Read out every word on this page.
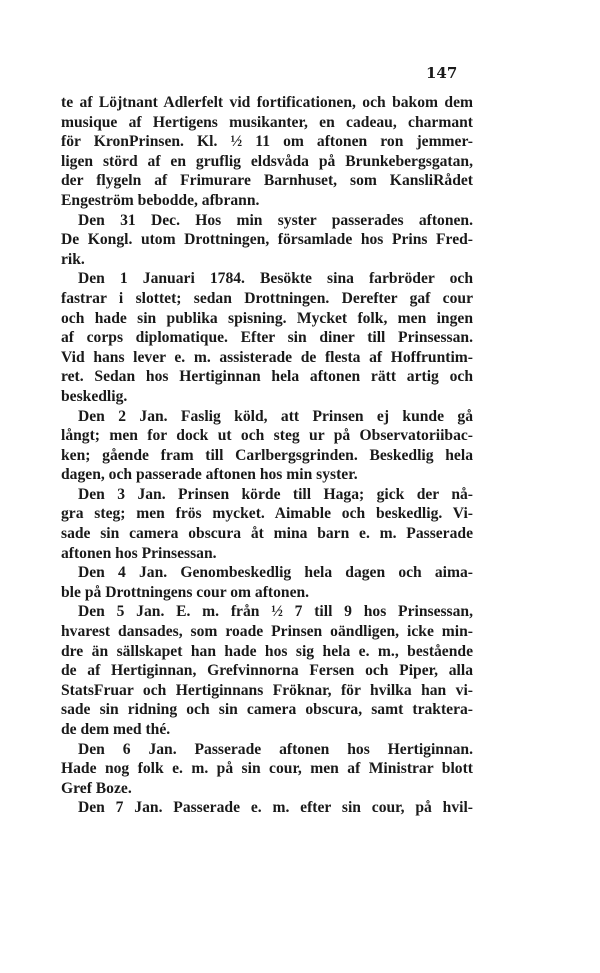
147
te af Löjtnant Adlerfelt vid fortificationen, och bakom dem
musique af Hertigens musikanter, en cadeau, charmant
för KronPrinsen. Kl. ½ 11 om aftonen ron jemmer-
ligen störd af en gruflig eldsvåda på Brunkebergsgatan,
der flygeln af Frimurare Barnhuset, som KansliRådet
Engeström bebodde, afbrann.
Den 31 Dec. Hos min syster passerades aftonen.
De Kongl. utom Drottningen, församlade hos Prins Fred-
rik.
Den 1 Januari 1784. Besökte sina farbröder och
fastrar i slottet; sedan Drottningen. Derefter gaf cour
och hade sin publika spisning. Mycket folk, men ingen
af corps diplomatique. Efter sin diner till Prinsessan.
Vid hans lever e. m. assisterade de flesta af Hoffruntim-
ret. Sedan hos Hertiginnan hela aftonen rätt artig och
beskedlig.
Den 2 Jan. Faslig köld, att Prinsen ej kunde gå
långt; men for dock ut och steg ur på Observatoriibac-
ken; gående fram till Carlbergsgrinden. Beskedlig hela
dagen, och passerade aftonen hos min syster.
Den 3 Jan. Prinsen körde till Haga; gick der nå-
gra steg; men frös mycket. Aimable och beskedlig. Vi-
sade sin camera obscura åt mina barn e. m. Passerade
aftonen hos Prinsessan.
Den 4 Jan. Genombeskedlig hela dagen och aima-
ble på Drottningens cour om aftonen.
Den 5 Jan. E. m. från ½ 7 till 9 hos Prinsessan,
hvarest dansades, som roade Prinsen oändligen, icke min-
dre än sällskapet han hade hos sig hela e. m., bestående
de af Hertiginnan, Grefvinnorna Fersen och Piper, alla
StatsFruar och Hertiginnans Fröknar, för hvilka han vi-
sade sin ridning och sin camera obscura, samt traktera-
de dem med thé.
Den 6 Jan. Passerade aftonen hos Hertiginnan.
Hade nog folk e. m. på sin cour, men af Ministrar blott
Gref Boze.
Den 7 Jan. Passerade e. m. efter sin cour, på hvil-
